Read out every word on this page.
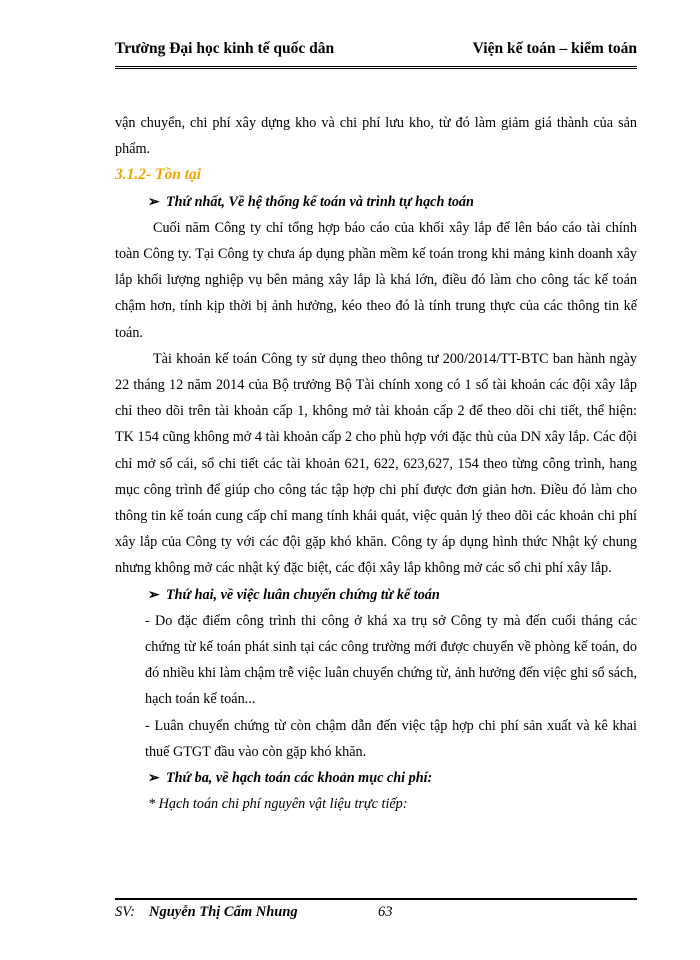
Trường Đại học kinh tế quốc dân	Viện kế toán – kiểm toán

vận chuyển, chi phí xây dựng kho và chi phí lưu kho, từ đó làm giảm giá thành của sản phẩm.

3.1.2- Tồn tại

➢ Thứ nhất, Về hệ thống kế toán và trình tự hạch toán

Cuối năm Công ty chỉ tổng hợp báo cáo của khối xây lắp để lên báo cáo tài chính toàn Công ty. Tại Công ty chưa áp dụng phần mềm kế toán trong khi mảng kinh doanh xây lắp khối lượng nghiệp vụ bên mảng xây lắp là khá lớn, điều đó làm cho công tác kế toán chậm hơn, tính kịp thời bị ảnh hưởng, kéo theo đó là tính trung thực của các thông tin kế toán.

Tài khoản kế toán Công ty sử dụng theo thông tư 200/2014/TT-BTC ban hành ngày 22 tháng 12 năm 2014 của Bộ trưởng Bộ Tài chính xong có 1 số tài khoản các đội xây lắp chỉ theo dõi trên tài khoản cấp 1, không mở tài khoản cấp 2 để theo dõi chi tiết, thể hiện: TK 154 cũng không mở 4 tài khoản cấp 2 cho phù hợp với đặc thù của DN xây lắp. Các đội chỉ mở sổ cái, sổ chi tiết các tài khoản 621, 622, 623,627, 154 theo từng công trình, hang mục công trình để giúp cho công tác tập hợp chi phí được đơn giản hơn. Điều đó làm cho thông tin kế toán cung cấp chỉ mang tính khái quát, việc quản lý theo dõi các khoản chi phí xây lắp của Công ty với các đội gặp khó khăn. Công ty áp dụng hình thức Nhật ký chung nhưng không mở các nhật ký đặc biệt, các đội xây lắp không mở các sổ chi phí xây lắp.

➢ Thứ hai, về việc luân chuyển chứng từ kế toán

- Do đặc điểm công trình thi công ở khá xa trụ sở Công ty mà đến cuối tháng các chứng từ kế toán phát sinh tại các công trường mới được chuyển về phòng kế toán, do đó nhiều khi làm chậm trễ việc luân chuyển chứng từ, ảnh hưởng đến việc ghi sổ sách, hạch toán kế toán...

- Luân chuyển chứng từ còn chậm dẫn đến việc tập hợp chi phí sản xuất và kê khai thuế GTGT đầu vào còn gặp khó khăn.

➢ Thứ ba, về hạch toán các khoản mục chi phí:

* Hạch toán chi phí nguyên vật liệu trực tiếp:

SV: Nguyễn Thị Cẩm Nhung	63
